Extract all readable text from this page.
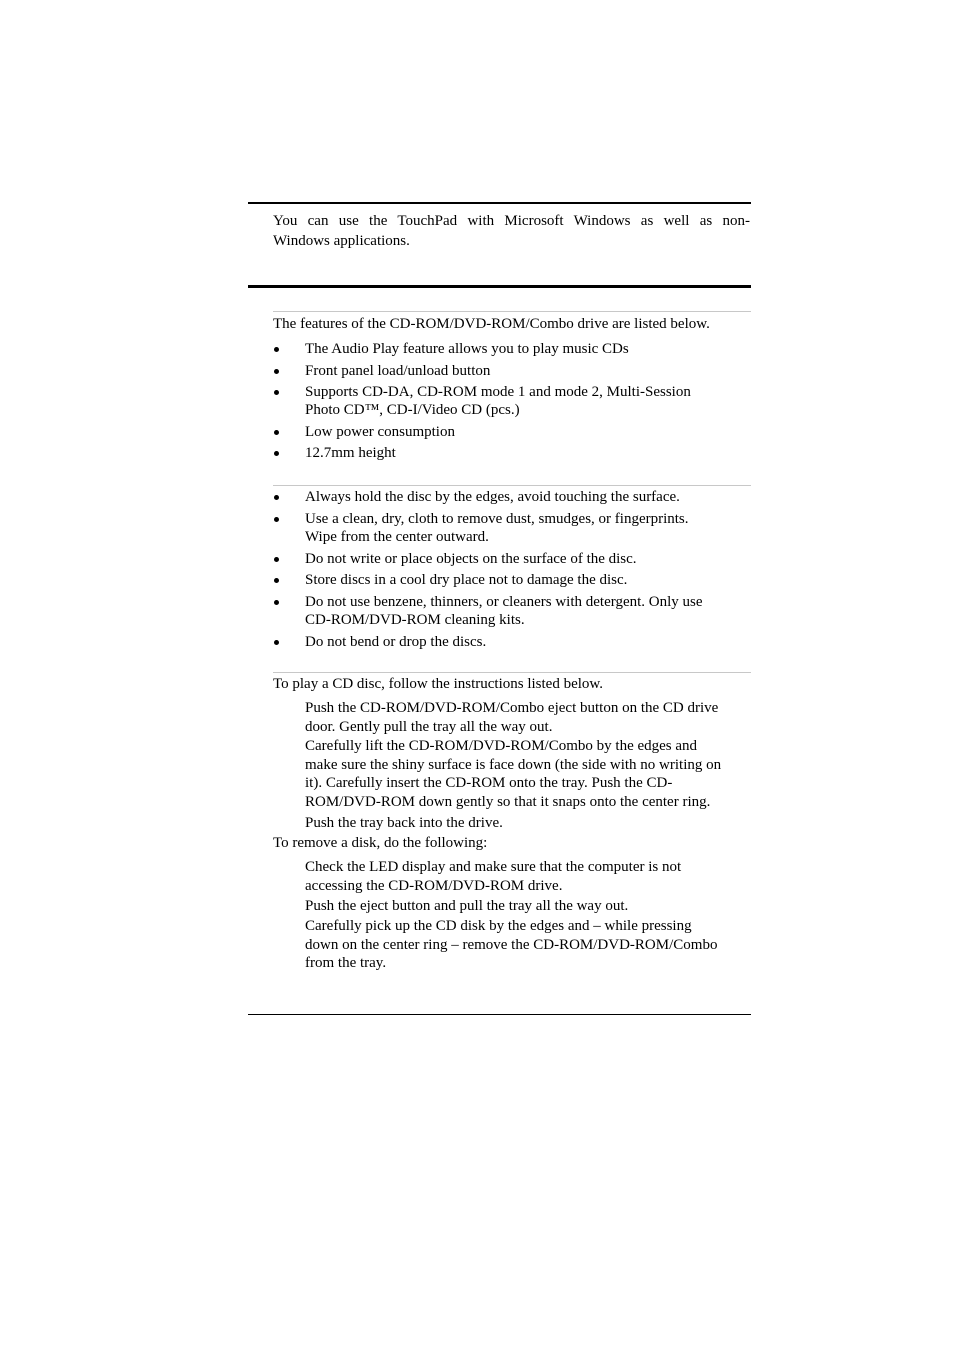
You can use the TouchPad with Microsoft Windows as well as non-
Windows applications.
The features of the CD-ROM/DVD-ROM/Combo drive are listed below.
The Audio Play feature allows you to play music CDs
Front panel load/unload button
Supports CD-DA, CD-ROM mode 1 and mode 2, Multi-Session
Photo CD™, CD-I/Video CD (pcs.)
Low power consumption
12.7mm height
Always hold the disc by the edges, avoid touching the surface.
Use a clean, dry, cloth to remove dust, smudges, or fingerprints.
Wipe from the center outward.
Do not write or place objects on the surface of the disc.
Store discs in a cool dry place not to damage the disc.
Do not use benzene, thinners, or cleaners with detergent. Only use
CD-ROM/DVD-ROM cleaning kits.
Do not bend or drop the discs.
To play a CD disc, follow the instructions listed below.
Push the CD-ROM/DVD-ROM/Combo eject button on the CD drive
door. Gently pull the tray all the way out.
Carefully lift the CD-ROM/DVD-ROM/Combo by the edges and
make sure the shiny surface is face down (the side with no writing on
it). Carefully insert the CD-ROM onto the tray. Push the CD-
ROM/DVD-ROM down gently so that it snaps onto the center ring.
Push the tray back into the drive.
To remove a disk, do the following:
Check the LED display and make sure that the computer is not
accessing the CD-ROM/DVD-ROM drive.
Push the eject button and pull the tray all the way out.
Carefully pick up the CD disk by the edges and – while pressing
down on the center ring – remove the CD-ROM/DVD-ROM/Combo
from the tray.
